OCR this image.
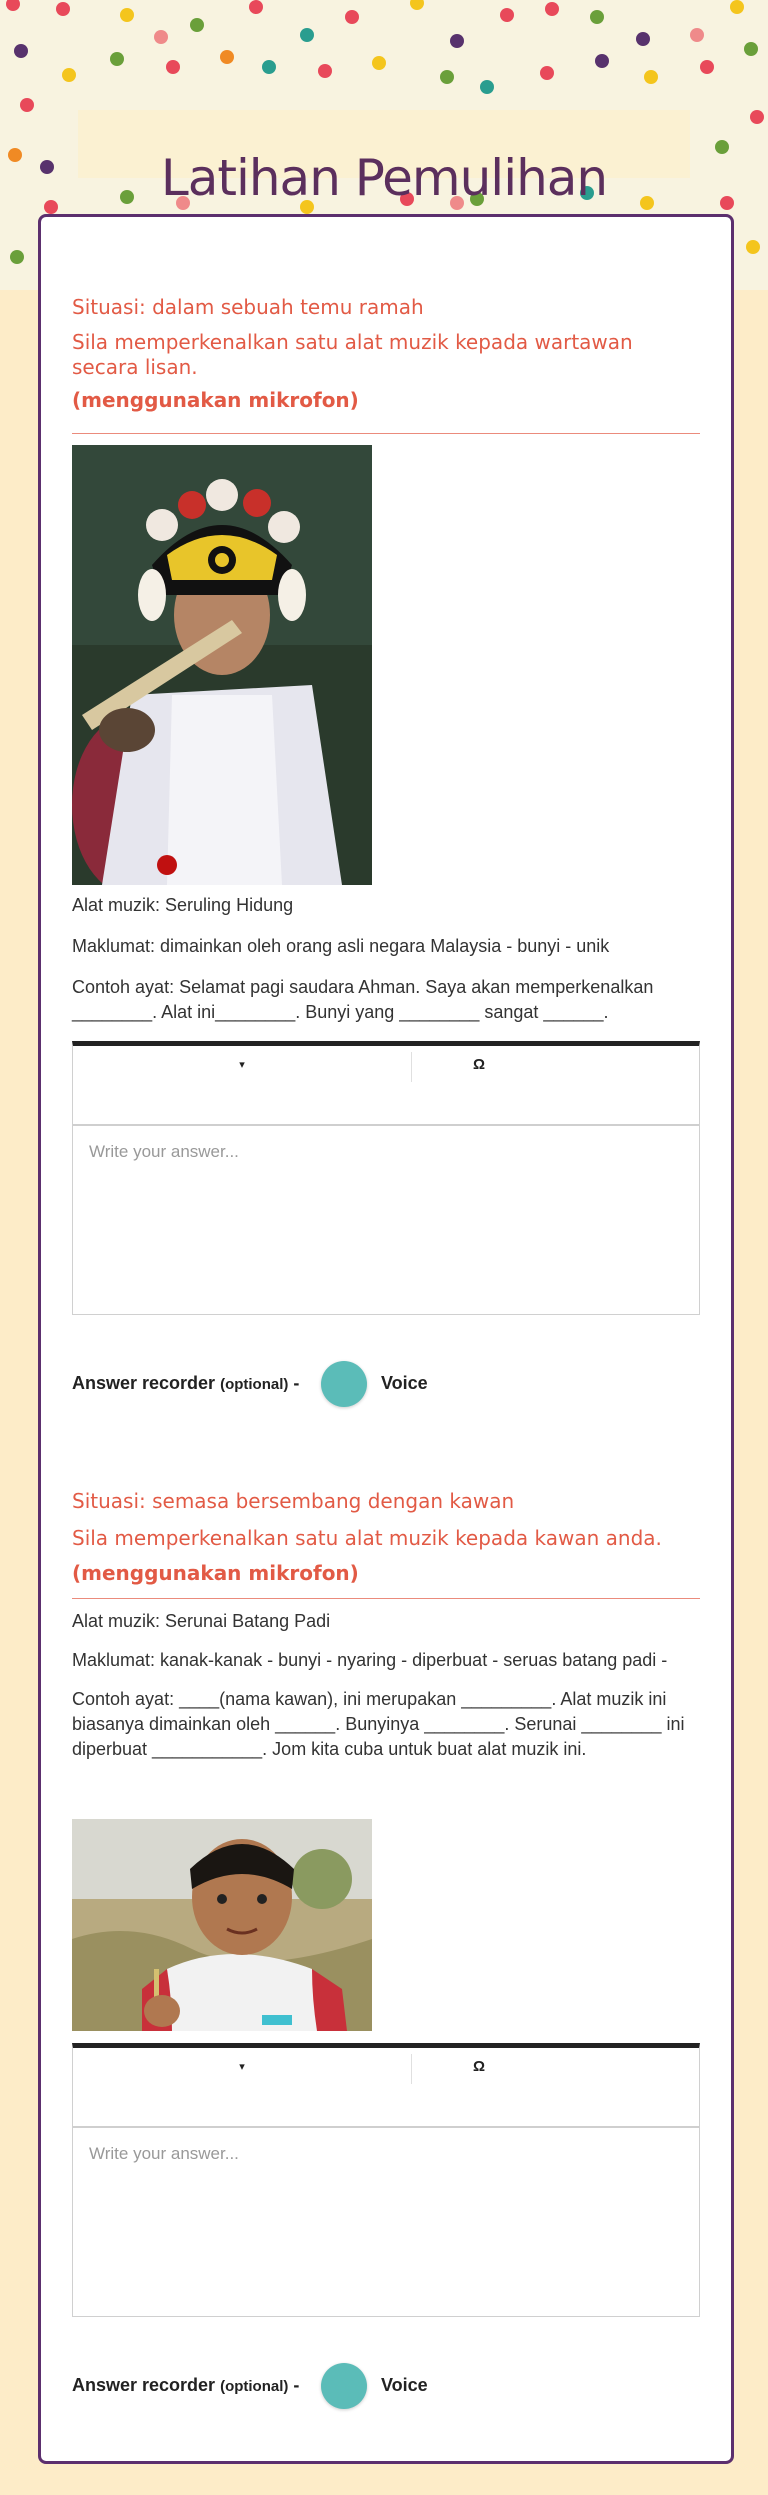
Latihan Pemulihan

Situasi: dalam sebuah temu ramah

Sila memperkenalkan satu alat muzik kepada wartawan secara lisan.

(menggunakan mikrofon)

Alat muzik: Seruling Hidung

Maklumat: dimainkan oleh orang asli negara Malaysia - bunyi - unik

Contoh ayat: Selamat pagi saudara Ahman. Saya akan memperkenalkan ________. Alat ini________. Bunyi yang ________ sangat ______.

▾	Ω
Write your answer...
Answer recorder (optional) -	Voice

Situasi: semasa bersembang dengan kawan

Sila memperkenalkan satu alat muzik kepada kawan anda.

(menggunakan mikrofon)

Alat muzik: Serunai Batang Padi

Maklumat: kanak-kanak - bunyi - nyaring - diperbuat - seruas batang padi -

Contoh ayat: ____(nama kawan), ini merupakan _________. Alat muzik ini biasanya dimainkan oleh ______. Bunyinya ________. Serunai ________ ini diperbuat ___________. Jom kita cuba untuk buat alat muzik ini.

▾	Ω
Write your answer...
Answer recorder (optional) -	Voice
